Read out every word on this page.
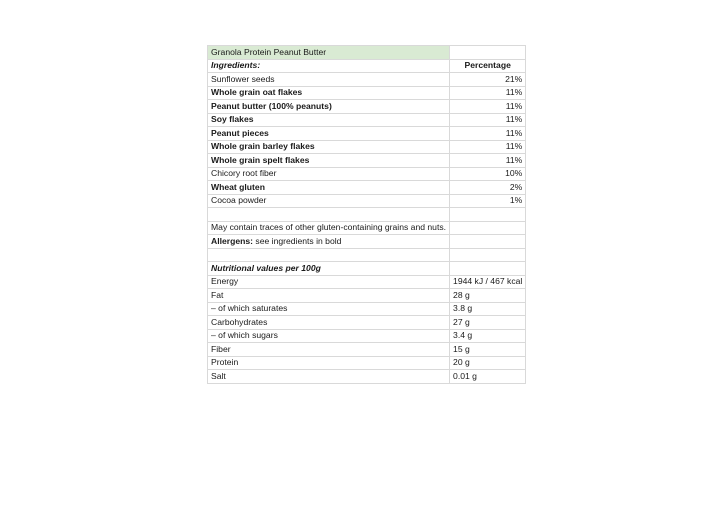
Granola Protein Peanut Butter	
Ingredients:	Percentage
Sunflower seeds	21%
Whole grain oat flakes	11%
Peanut butter (100% peanuts)	11%
Soy flakes	11%
Peanut pieces	11%
Whole grain barley flakes	11%
Whole grain spelt flakes	11%
Chicory root fiber	10%
Wheat gluten	2%
Cocoa powder	1%

May contain traces of other gluten-containing grains and nuts.	
Allergens: see ingredients in bold	

Nutritional values per 100g	
Energy	1944 kJ / 467 kcal
Fat	28 g
– of which saturates	3.8 g
Carbohydrates	27 g
– of which sugars	3.4 g
Fiber	15 g
Protein	20 g
Salt	0.01 g
